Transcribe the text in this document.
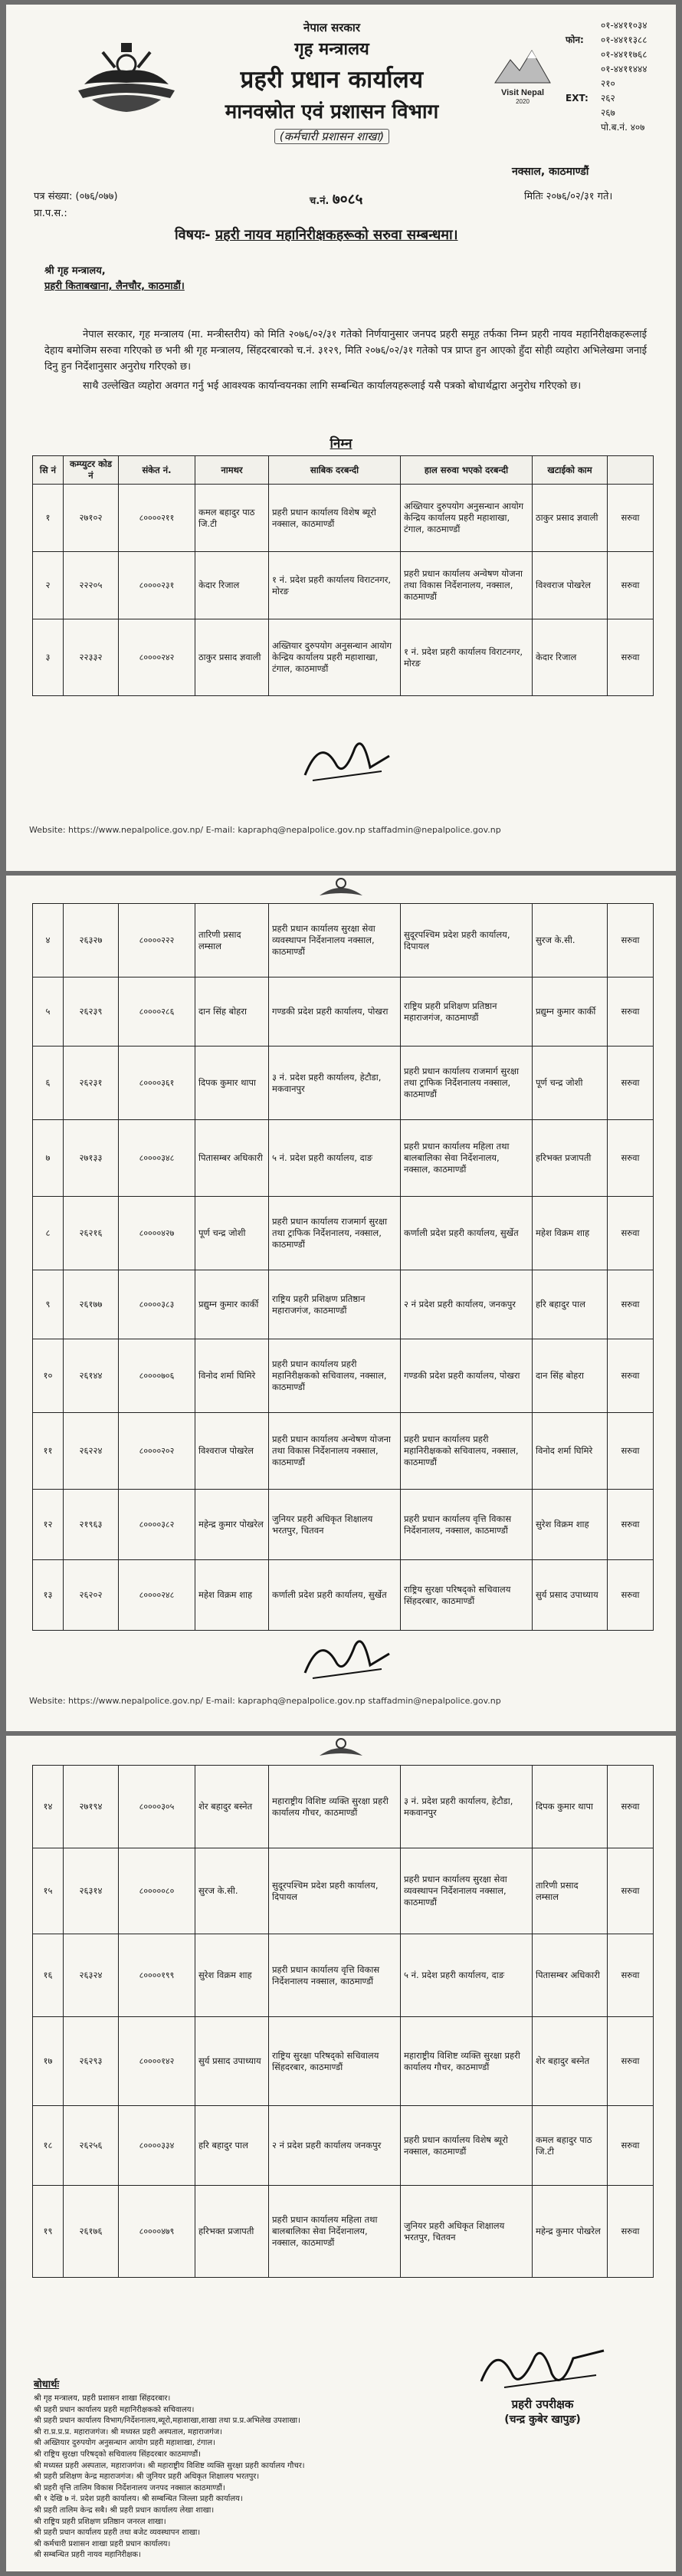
नेपाल सरकार
गृह मन्त्रालय
प्रहरी प्रधान कार्यालय
मानवस्रोत एवं प्रशासन विभाग
(कर्मचारी प्रशासन शाखा)
Visit Nepal
2020
०१-४४११०३४
फोन:	०१-४४११३८८
०१-४४११७६८
०१-४४११४४४
२१०
EXT:	२६२
२६७
पो.ब.नं. ४०७
नक्साल, काठमाण्डौं
पत्र संख्या: (०७६/०७७)	च.नं. ७०८५	मितिः २०७६/०२/३१ गते।
प्रा.प.स.:
विषयः- प्रहरी नायव महानिरीक्षकहरूको सरुवा सम्बन्धमा।
श्री गृह मन्त्रालय,
प्रहरी किताबखाना, लैनचौर, काठमाडौं।

नेपाल सरकार, गृह मन्त्रालय (मा. मन्त्रीस्तरीय) को मिति २०७६/०२/३१ गतेको निर्णयानुसार जनपद प्रहरी समूह तर्फका निम्न प्रहरी नायव महानिरीक्षकहरूलाई देहाय बमोजिम सरुवा गरिएको छ भनी श्री गृह मन्त्रालय, सिंहदरबारको च.नं. ३१२९, मिति २०७६/०२/३१ गतेको पत्र प्राप्त हुन आएको हुँदा सोही व्यहोरा अभिलेखमा जनाई दिनु हुन निर्देशानुसार अनुरोध गरिएको छ।

साथै उल्लेखित व्यहोरा अवगत गर्नु भई आवश्यक कार्यान्वयनका लागि सम्बन्धित कार्यालयहरूलाई यसै पत्रको बोधार्थद्वारा अनुरोध गरिएको छ।

निम्न
सि नं	कम्प्युटर कोड नं	संकेत नं.	नामथर	साबिक दरबन्दी	हाल सरुवा भएको दरबन्दी	खटाईको काम	
१	२७१०२	८००००२११	कमल बहादुर पाठ जि.टी	प्रहरी प्रधान कार्यालय विशेष ब्यूरो नक्साल, काठमाण्डौं	अख्तियार दुरुपयोग अनुसन्धान आयोग केन्द्रिय कार्यालय प्रहरी महाशाखा, टंगाल, काठमाण्डौं	ठाकुर प्रसाद ज्ञवाली	सरुवा
२	२२२०५	८००००२३१	केदार रिजाल	१ नं. प्रदेश प्रहरी कार्यालय विराटनगर, मोरङ	प्रहरी प्रधान कार्यालय अन्वेषण योजना तथा विकास निर्देशनालय, नक्साल, काठमाण्डौं	विश्वराज पोखरेल	सरुवा
३	२२३३२	८००००२४२	ठाकुर प्रसाद ज्ञवाली	अख्तियार दुरुपयोग अनुसन्धान आयोग केन्द्रिय कार्यालय प्रहरी महाशाखा, टंगाल, काठमाण्डौं	१ नं. प्रदेश प्रहरी कार्यालय विराटनगर, मोरङ	केदार रिजाल	सरुवा
Website: https://www.nepalpolice.gov.np/ E-mail: kapraphq@nepalpolice.gov.np staffadmin@nepalpolice.gov.np
४	२६३२७	८००००२२२	तारिणी प्रसाद लम्साल	प्रहरी प्रधान कार्यालय सुरक्षा सेवा व्यवस्थापन निर्देशनालय नक्साल, काठमाण्डौं	सुदूरपश्चिम प्रदेश प्रहरी कार्यालय, दिपायल	सुरज के.सी.	सरुवा
५	२६२३९	८००००२८६	दान सिंह बोहरा	गण्डकी प्रदेश प्रहरी कार्यालय, पोखरा	राष्ट्रिय प्रहरी प्रशिक्षण प्रतिष्ठान महाराजगंज, काठमाण्डौं	प्रद्युम्न कुमार कार्की	सरुवा
६	२६२३१	८००००३६१	दिपक कुमार थापा	३ नं. प्रदेश प्रहरी कार्यालय, हेटौडा, मकवानपुर	प्रहरी प्रधान कार्यालय राजमार्ग सुरक्षा तथा ट्राफिक निर्देशनालय नक्साल, काठमाण्डौं	पूर्ण चन्द्र जोशी	सरुवा
७	२७१३३	८००००३४८	पितासम्बर अधिकारी	५ नं. प्रदेश प्रहरी कार्यालय, दाङ	प्रहरी प्रधान कार्यालय महिला तथा बालबालिका सेवा निर्देशनालय, नक्साल, काठमाण्डौं	हरिभक्त प्रजापती	सरुवा
८	२६२१६	८००००४२७	पूर्ण चन्द्र जोशी	प्रहरी प्रधान कार्यालय राजमार्ग सुरक्षा तथा ट्राफिक निर्देशनालय, नक्साल, काठमाण्डौं	कर्णाली प्रदेश प्रहरी कार्यालय, सुर्खेत	महेश विक्रम शाह	सरुवा
९	२६१७७	८००००३८३	प्रद्युम्न कुमार कार्की	राष्ट्रिय प्रहरी प्रशिक्षण प्रतिष्ठान महाराजगंज, काठमाण्डौं	२ नं प्रदेश प्रहरी कार्यालय, जनकपुर	हरि बहादुर पाल	सरुवा
१०	२६१४४	८००००७०६	विनोद शर्मा घिमिरे	प्रहरी प्रधान कार्यालय प्रहरी महानिरीक्षकको सचिवालय, नक्साल, काठमाण्डौं	गण्डकी प्रदेश प्रहरी कार्यालय, पोखरा	दान सिंह बोहरा	सरुवा
११	२६२२४	८००००२०२	विश्वराज पोखरेल	प्रहरी प्रधान कार्यालय अन्वेषण योजना तथा विकास निर्देशनालय नक्साल, काठमाण्डौं	प्रहरी प्रधान कार्यालय प्रहरी महानिरीक्षकको सचिवालय, नक्साल, काठमाण्डौं	विनोद शर्मा घिमिरे	सरुवा
१२	२१९६३	८००००३८२	महेन्द्र कुमार पोखरेल	जुनियर प्रहरी अधिकृत शिक्षालय भरतपुर, चितवन	प्रहरी प्रधान कार्यालय वृत्ति विकास निर्देशनालय, नक्साल, काठमाण्डौं	सुरेश विक्रम शाह	सरुवा
१३	२६२०२	८००००२४८	महेश विक्रम शाह	कर्णाली प्रदेश प्रहरी कार्यालय, सुर्खेत	राष्ट्रिय सुरक्षा परिषद्को सचिवालय सिंहदरबार, काठमाण्डौं	सुर्य प्रसाद उपाध्याय	सरुवा
Website: https://www.nepalpolice.gov.np/ E-mail: kapraphq@nepalpolice.gov.np staffadmin@nepalpolice.gov.np
१४	२७१९४	८००००३०५	शेर बहादुर बस्नेत	महाराष्ट्रीय विशिष्ट व्यक्ति सुरक्षा प्रहरी कार्यालय गौचर, काठमाण्डौं	३ नं. प्रदेश प्रहरी कार्यालय, हेटौडा, मकवानपुर	दिपक कुमार थापा	सरुवा
१५	२६३१४	८०००००८०	सुरज के.सी.	सुदूरपश्चिम प्रदेश प्रहरी कार्यालय, दिपायल	प्रहरी प्रधान कार्यालय सुरक्षा सेवा व्यवस्थापन निर्देशनालय नक्साल, काठमाण्डौं	तारिणी प्रसाद लम्साल	सरुवा
१६	२६३२४	८००००१९९	सुरेश विक्रम शाह	प्रहरी प्रधान कार्यालय वृत्ति विकास निर्देशनालय नक्साल, काठमाण्डौं	५ नं. प्रदेश प्रहरी कार्यालय, दाङ	पितासम्बर अधिकारी	सरुवा
१७	२६२९३	८००००१४२	सुर्य प्रसाद उपाध्याय	राष्ट्रिय सुरक्षा परिषद्को सचिवालय सिंहदरबार, काठमाण्डौं	महाराष्ट्रीय विशिष्ट व्यक्ति सुरक्षा प्रहरी कार्यालय गौचर, काठमाण्डौं	शेर बहादुर बस्नेत	सरुवा
१८	२६२५६	८००००३३४	हरि बहादुर पाल	२ नं प्रदेश प्रहरी कार्यालय जनकपुर	प्रहरी प्रधान कार्यालय विशेष ब्यूरो नक्साल, काठमाण्डौं	कमल बहादुर पाठ जि.टी	सरुवा
१९	२६१७६	८००००४७९	हरिभक्त प्रजापती	प्रहरी प्रधान कार्यालय महिला तथा बालबालिका सेवा निर्देशनालय, नक्साल, काठमाण्डौं	जुनियर प्रहरी अधिकृत शिक्षालय भरतपुर, चितवन	महेन्द्र कुमार पोखरेल	सरुवा
प्रहरी उपरीक्षक
(चन्द्र कुबेर खापुङ)
बोधार्थः
श्री गृह मन्त्रालय, प्रहरी प्रशासन शाखा सिंहदरबार।
श्री प्रहरी प्रधान कार्यालय प्रहरी महानिरीक्षकको सचिवालय।
श्री प्रहरी प्रधान कार्यालय विभाग/निर्देशनालय,ब्यूरो,महाशाखा,शाखा तथा प्र.प्र.अभिलेख उपशाखा।
श्री रा.प्र.प्र.प्र. महाराजगंज। श्री मध्यस्त प्रहरी अस्पताल, महाराजगंज।
श्री अख्तियार दुरुपयोग अनुसन्धान आयोग प्रहरी महाशाखा, टंगाल।
श्री राष्ट्रिय सुरक्षा परिषद्को सचिवालय सिंहदरबार काठमाण्डौं।
श्री मध्यस्त प्रहरी अस्पताल, महाराजगंज। श्री महाराष्ट्रीय विशिष्ट व्यक्ति सुरक्षा प्रहरी कार्यालय गौचर।
श्री प्रहरी प्रशिक्षण केन्द्र महाराजगंज। श्री जुनियर प्रहरी अधिकृत शिक्षालय भरतपुर।
श्री प्रहरी वृत्ति तालिम विकास निर्देशनालय जनपद नक्साल काठमाण्डौं।
श्री १ देखि ७ नं. प्रदेश प्रहरी कार्यालय। श्री सम्बन्धित जिल्ला प्रहरी कार्यालय।
श्री प्रहरी तालिम केन्द्र सबै। श्री प्रहरी प्रधान कार्यालय लेखा शाखा।
श्री राष्ट्रिय प्रहरी प्रशिक्षण प्रतिष्ठान जनरल शाखा।
श्री प्रहरी प्रधान कार्यालय प्रहरी तथा बजेट व्यवस्थापन शाखा।
श्री कर्मचारी प्रशासन शाखा प्रहरी प्रधान कार्यालय।
श्री सम्बन्धित प्रहरी नायव महानिरीक्षक।
